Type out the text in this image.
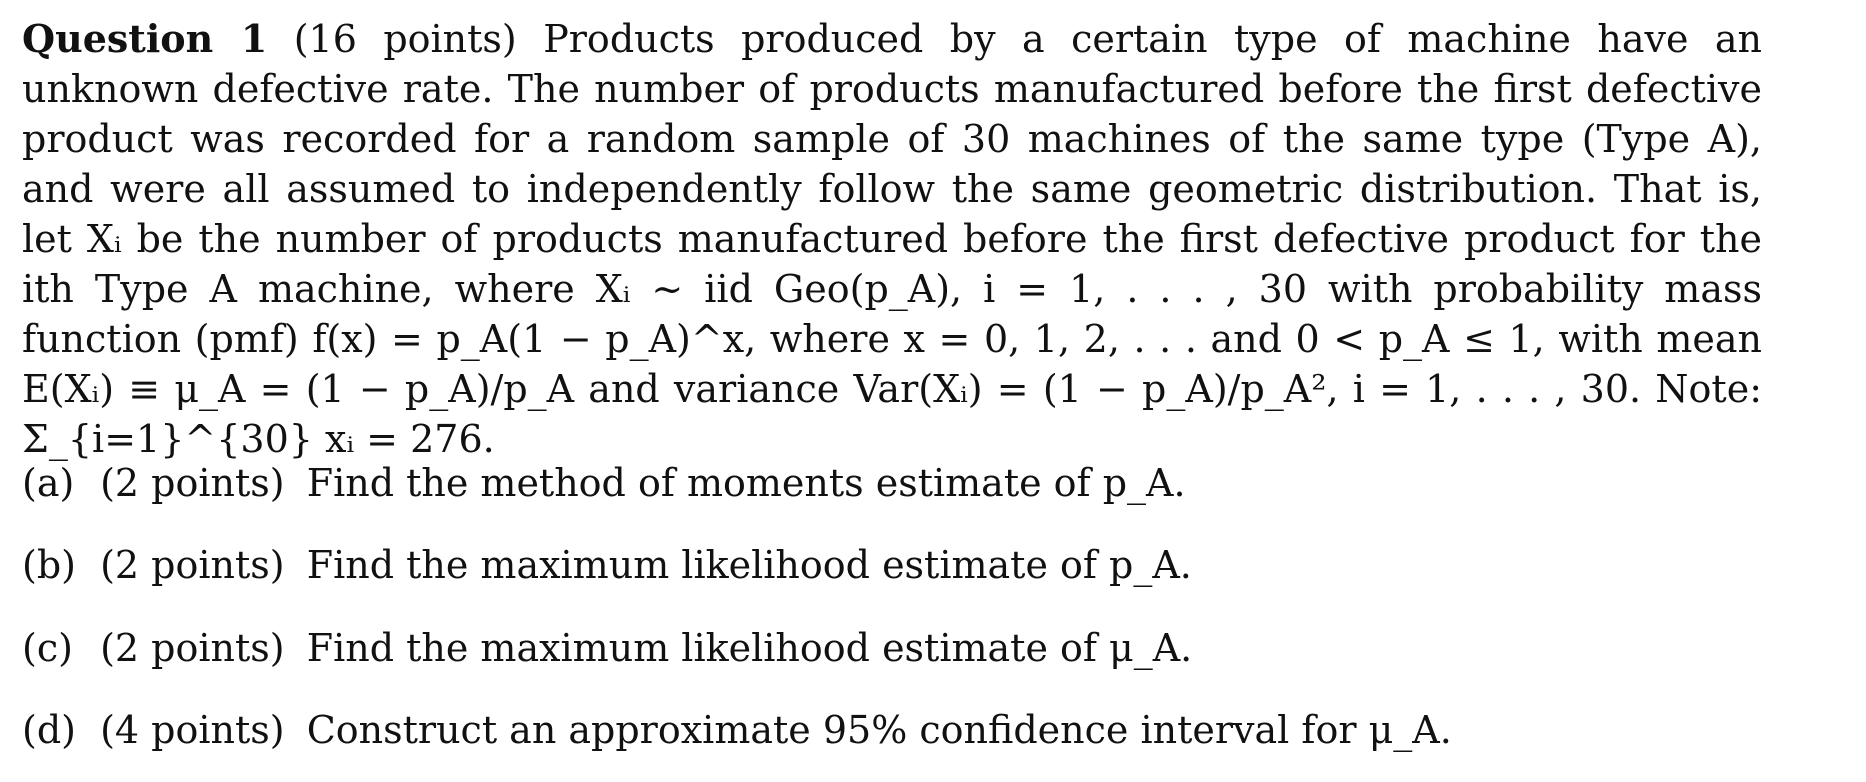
Question 1 (16 points) Products produced by a certain type of machine have an unknown defective rate. The number of products manufactured before the first defective product was recorded for a random sample of 30 machines of the same type (Type A), and were all assumed to independently follow the same geometric distribution. That is, let Xᵢ be the number of products manufactured before the first defective product for the ith Type A machine, where Xᵢ ∼ iid Geo(p_A), i = 1, . . . , 30 with probability mass function (pmf) f(x) = p_A(1 − p_A)^x, where x = 0, 1, 2, . . . and 0 < p_A ≤ 1, with mean E(Xᵢ) ≡ μ_A = (1 − p_A)/p_A and variance Var(Xᵢ) = (1 − p_A)/p_A², i = 1, . . . , 30. Note: Σ_{i=1}^{30} xᵢ = 276.
(a) (2 points) Find the method of moments estimate of p_A.
(b) (2 points) Find the maximum likelihood estimate of p_A.
(c) (2 points) Find the maximum likelihood estimate of μ_A.
(d) (4 points) Construct an approximate 95% confidence interval for μ_A.
